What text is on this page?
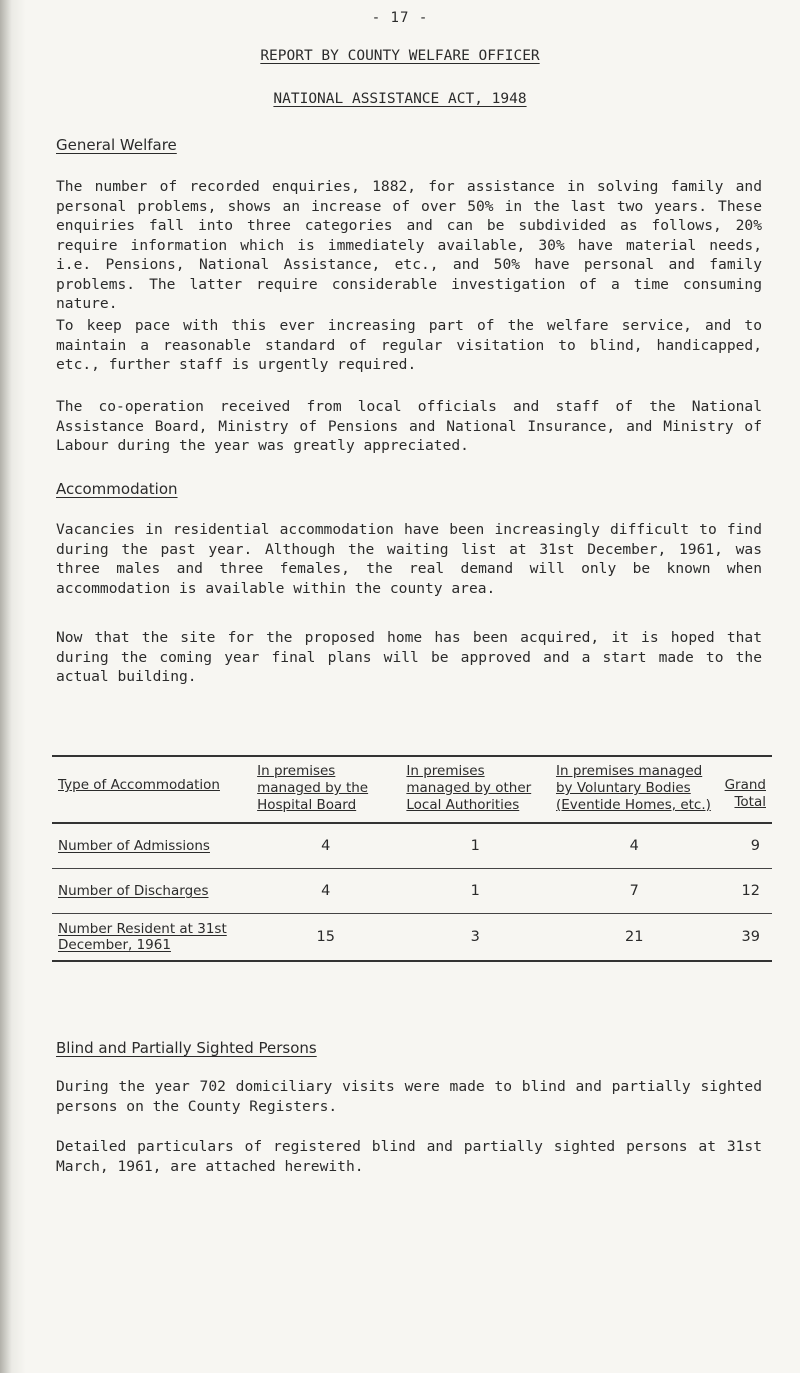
- 17 -
REPORT BY COUNTY WELFARE OFFICER
NATIONAL ASSISTANCE ACT, 1948
General Welfare

The number of recorded enquiries, 1882, for assistance in solving family and personal problems, shows an increase of over 50% in the last two years. These enquiries fall into three categories and can be subdivided as follows, 20% require information which is immediately available, 30% have material needs, i.e. Pensions, National Assistance, etc., and 50% have personal and family problems. The latter require considerable investigation of a time consuming nature.

To keep pace with this ever increasing part of the welfare service, and to maintain a reasonable standard of regular visitation to blind, handicapped, etc., further staff is urgently required.

The co-operation received from local officials and staff of the National Assistance Board, Ministry of Pensions and National Insurance, and Ministry of Labour during the year was greatly appreciated.

Accommodation

Vacancies in residential accommodation have been increasingly difficult to find during the past year. Although the waiting list at 31st December, 1961, was three males and three females, the real demand will only be known when accommodation is available within the county area.

Now that the site for the proposed home has been acquired, it is hoped that during the coming year final plans will be approved and a start made to the actual building.

Type of Accommodation	In premises managed by the Hospital Board	In premises managed by other Local Authorities	In premises managed by Voluntary Bodies (Eventide Homes, etc.)	Grand Total
Number of Admissions	4	1	4	9
Number of Discharges	4	1	7	12
Number Resident at 31st December, 1961	15	3	21	39
Blind and Partially Sighted Persons

During the year 702 domiciliary visits were made to blind and partially sighted persons on the County Registers.

Detailed particulars of registered blind and partially sighted persons at 31st March, 1961, are attached herewith.
